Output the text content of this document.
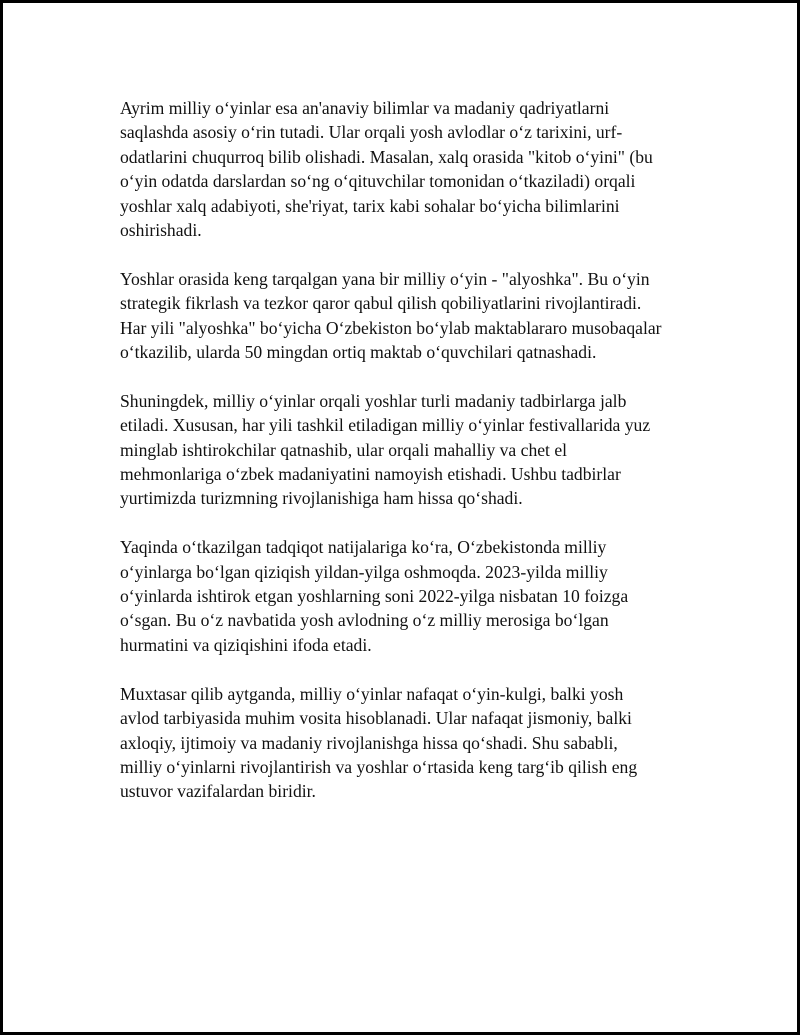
Ayrim milliy o‘yinlar esa an'anaviy bilimlar va madaniy qadriyatlarni
saqlashda asosiy o‘rin tutadi. Ular orqali yosh avlodlar o‘z tarixini, urf-
odatlarini chuqurroq bilib olishadi. Masalan, xalq orasida "kitob o‘yini" (bu
o‘yin odatda darslardan so‘ng o‘qituvchilar tomonidan o‘tkaziladi) orqali
yoshlar xalq adabiyoti, she'riyat, tarix kabi sohalar bo‘yicha bilimlarini
oshirishadi.

Yoshlar orasida keng tarqalgan yana bir milliy o‘yin - "alyoshka". Bu o‘yin
strategik fikrlash va tezkor qaror qabul qilish qobiliyatlarini rivojlantiradi.
Har yili "alyoshka" bo‘yicha O‘zbekiston bo‘ylab maktablararo musobaqalar
o‘tkazilib, ularda 50 mingdan ortiq maktab o‘quvchilari qatnashadi.

Shuningdek, milliy o‘yinlar orqali yoshlar turli madaniy tadbirlarga jalb
etiladi. Xususan, har yili tashkil etiladigan milliy o‘yinlar festivallarida yuz
minglab ishtirokchilar qatnashib, ular orqali mahalliy va chet el
mehmonlariga o‘zbek madaniyatini namoyish etishadi. Ushbu tadbirlar
yurtimizda turizmning rivojlanishiga ham hissa qo‘shadi.

Yaqinda o‘tkazilgan tadqiqot natijalariga ko‘ra, O‘zbekistonda milliy
o‘yinlarga bo‘lgan qiziqish yildan-yilga oshmoqda. 2023-yilda milliy
o‘yinlarda ishtirok etgan yoshlarning soni 2022-yilga nisbatan 10 foizga
o‘sgan. Bu o‘z navbatida yosh avlodning o‘z milliy merosiga bo‘lgan
hurmatini va qiziqishini ifoda etadi.

Muxtasar qilib aytganda, milliy o‘yinlar nafaqat o‘yin-kulgi, balki yosh
avlod tarbiyasida muhim vosita hisoblanadi. Ular nafaqat jismoniy, balki
axloqiy, ijtimoiy va madaniy rivojlanishga hissa qo‘shadi. Shu sababli,
milliy o‘yinlarni rivojlantirish va yoshlar o‘rtasida keng targ‘ib qilish eng
ustuvor vazifalardan biridir.
